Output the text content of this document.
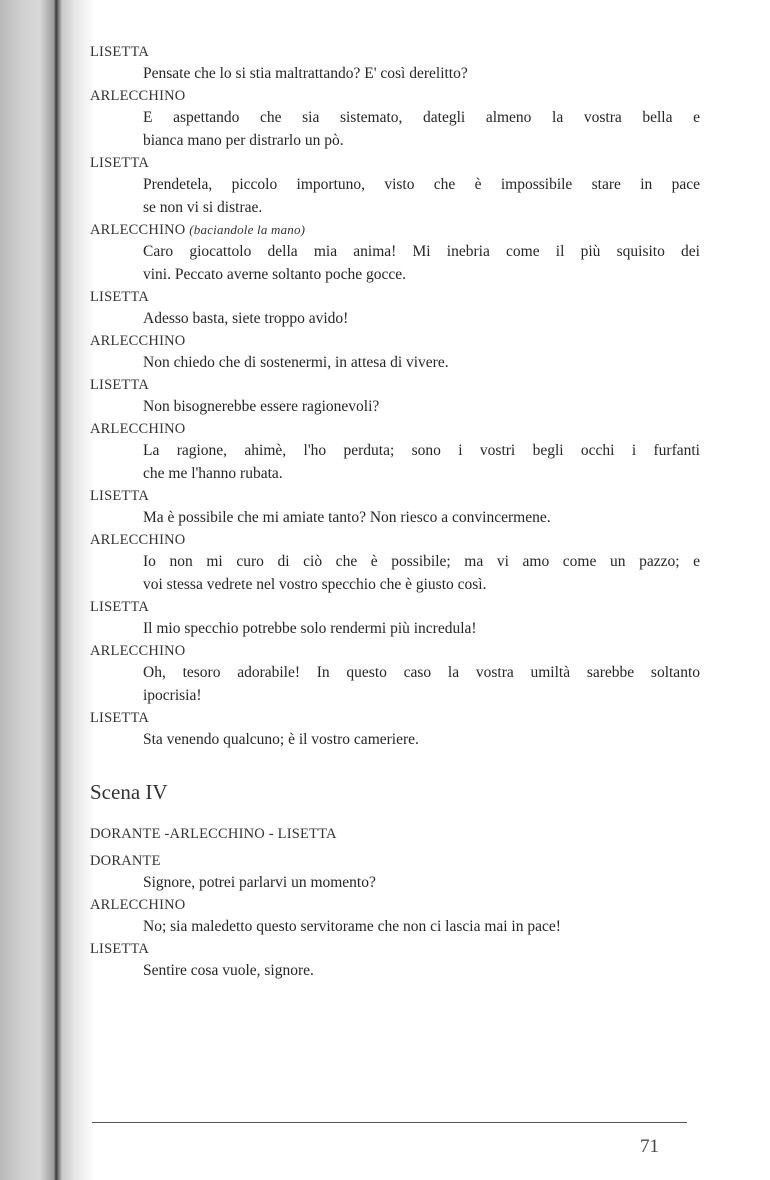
LISETTA
Pensate che lo si stia maltrattando? E' così derelitto?
ARLECCHINO
E aspettando che sia sistemato, dategli almeno la vostra bella e
bianca mano per distrarlo un pò.
LISETTA
Prendetela, piccolo importuno, visto che è impossibile stare in pace
se non vi si distrae.
ARLECCHINO (baciandole la mano)
Caro giocattolo della mia anima! Mi inebria come il più squisito dei
vini. Peccato averne soltanto poche gocce.
LISETTA
Adesso basta, siete troppo avido!
ARLECCHINO
Non chiedo che di sostenermi, in attesa di vivere.
LISETTA
Non bisognerebbe essere ragionevoli?
ARLECCHINO
La ragione, ahimè, l'ho perduta; sono i vostri begli occhi i furfanti
che me l'hanno rubata.
LISETTA
Ma è possibile che mi amiate tanto? Non riesco a convincermene.
ARLECCHINO
Io non mi curo di ciò che è possibile; ma vi amo come un pazzo; e
voi stessa vedrete nel vostro specchio che è giusto così.
LISETTA
Il mio specchio potrebbe solo rendermi più incredula!
ARLECCHINO
Oh, tesoro adorabile! In questo caso la vostra umiltà sarebbe soltanto
ipocrisia!
LISETTA
Sta venendo qualcuno; è il vostro cameriere.
Scena IV
DORANTE -ARLECCHINO - LISETTA
DORANTE
Signore, potrei parlarvi un momento?
ARLECCHINO
No; sia maledetto questo servitorame che non ci lascia mai in pace!
LISETTA
Sentire cosa vuole, signore.
71
